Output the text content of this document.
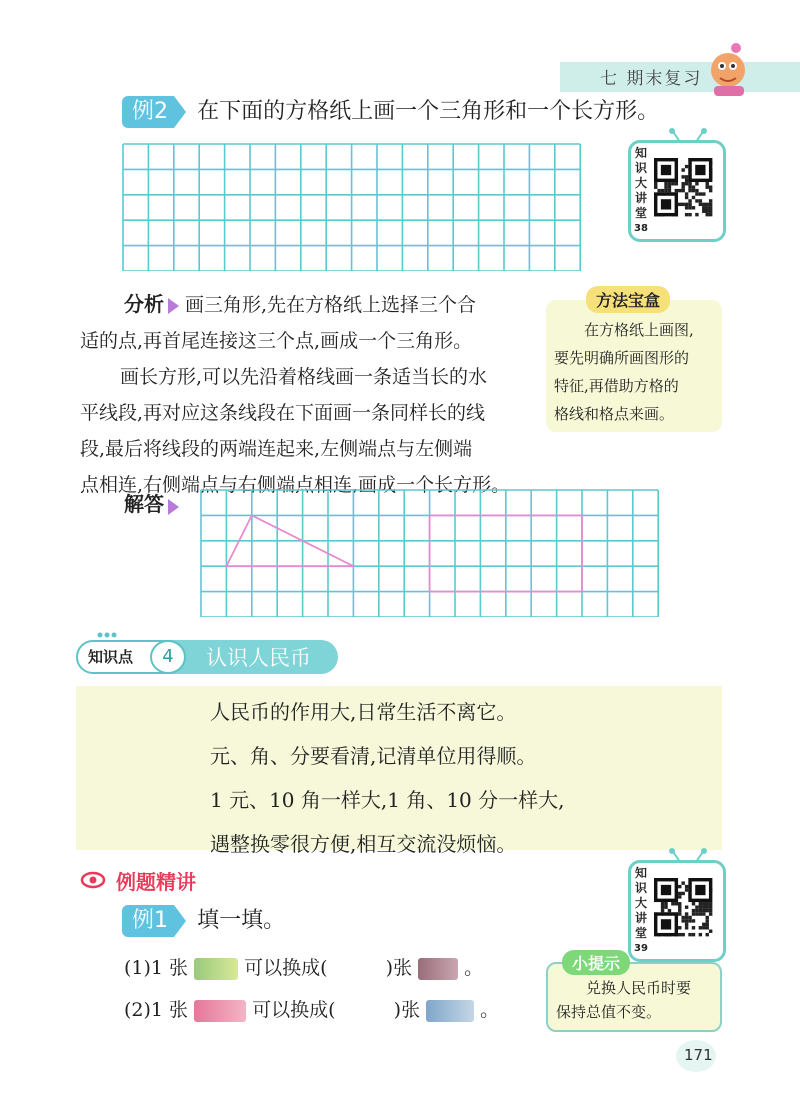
七 期末复习
例2 在下面的方格纸上画一个三角形和一个长方形。
知
识
大
讲
堂
38
分析 画三角形,先在方格纸上选择三个合
适的点,再首尾连接这三个点,画成一个三角形。
画长方形,可以先沿着格线画一条适当长的水
平线段,再对应这条线段在下面画一条同样长的线
段,最后将线段的两端连起来,左侧端点与左侧端
点相连,右侧端点与右侧端点相连,画成一个长方形。
方法宝盒
在方格纸上画图,
要先明确所画图形的
特征,再借助方格的
格线和格点来画。
解答
知识点	4	认识人民币
人民币的作用大,日常生活不离它。
元、角、分要看清,记清单位用得顺。
1 元、10 角一样大,1 角、10 分一样大,
遇整换零很方便,相互交流没烦恼。
例题精讲	知
识
大
讲
堂
39
例1 填一填。
(1)1 张	可以换成(	)张	。
(2)1 张	可以换成(	)张	。
小提示
兑换人民币时要
保持总值不变。
171
